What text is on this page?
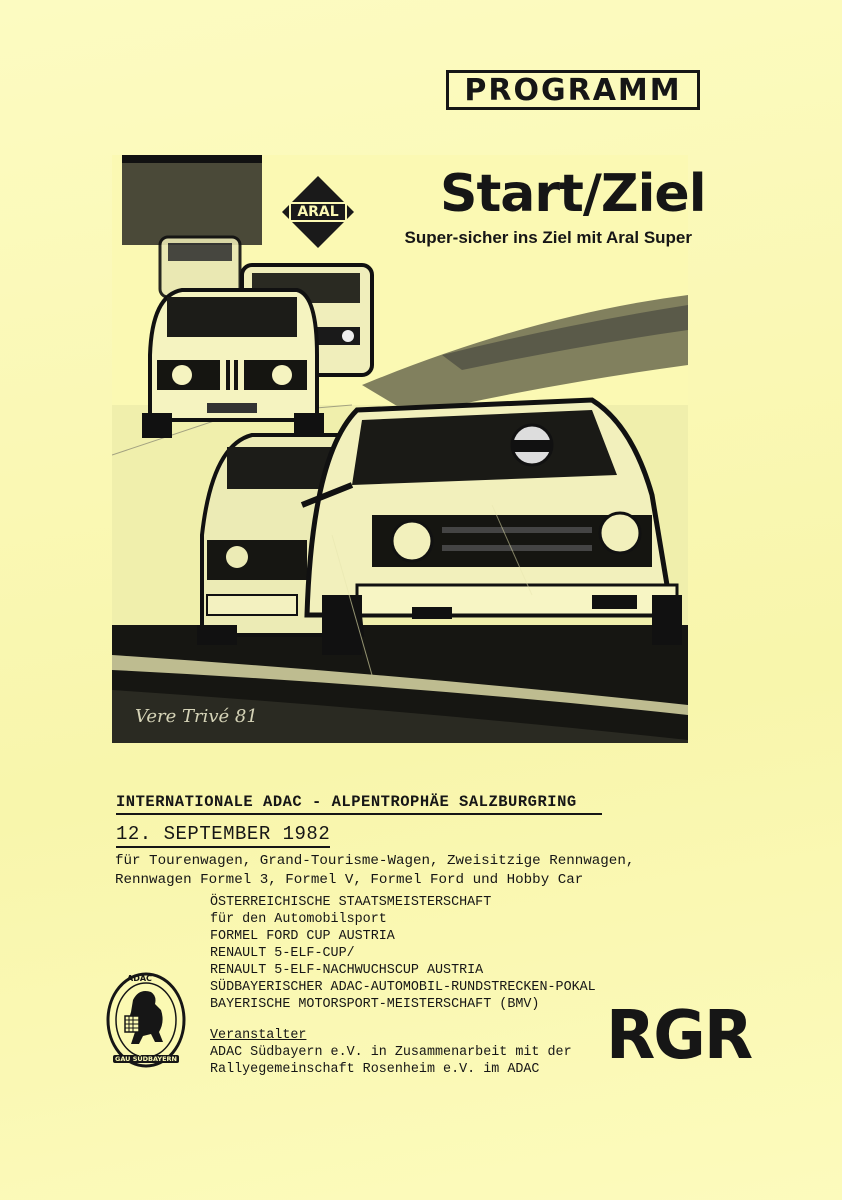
PROGRAMM
ARAL	Start/Ziel
Super-sicher ins Ziel mit Aral Super
Vere Trivé 81
INTERNATIONALE ADAC - ALPENTROPHÄE SALZBURGRING
12. SEPTEMBER 1982
für Tourenwagen, Grand-Tourisme-Wagen, Zweisitzige Rennwagen,
Rennwagen Formel 3, Formel V, Formel Ford und Hobby Car
ÖSTERREICHISCHE STAATSMEISTERSCHAFT
für den Automobilsport
FORMEL FORD CUP AUSTRIA
RENAULT 5-ELF-CUP/
RENAULT 5-ELF-NACHWUCHSCUP AUSTRIA
SÜDBAYERISCHER ADAC-AUTOMOBIL-RUNDSTRECKEN-POKAL
BAYERISCHE MOTORSPORT-MEISTERSCHAFT (BMV)
Veranstalter
ADAC Südbayern e.V. in Zusammenarbeit mit der
Rallyegemeinschaft Rosenheim e.V. im ADAC	RGR
ADAC
GAU SÜDBAYERN
